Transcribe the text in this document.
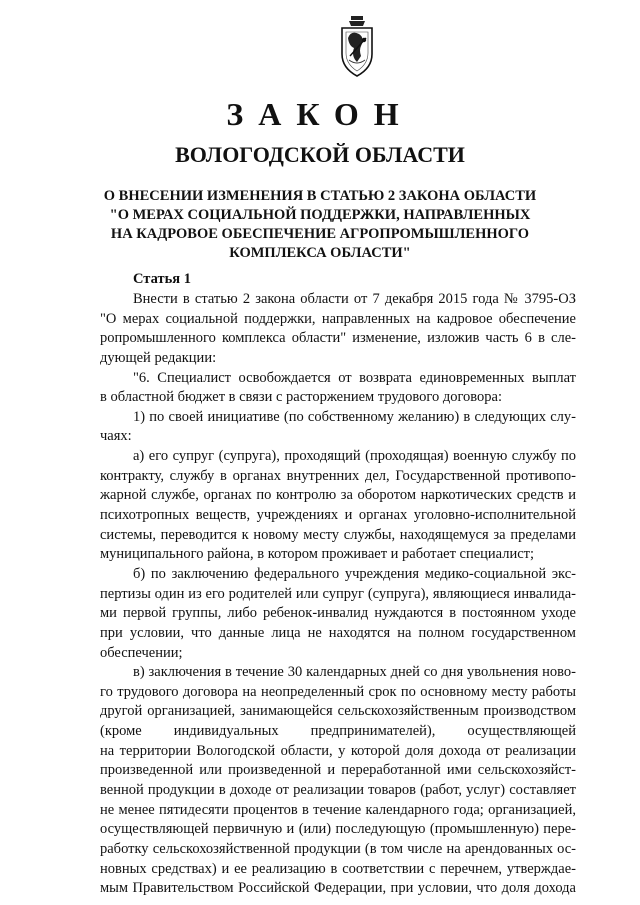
ЗАКОН
ВОЛОГОДСКОЙ ОБЛАСТИ
О ВНЕСЕНИИ ИЗМЕНЕНИЯ В СТАТЬЮ 2 ЗАКОНА ОБЛАСТИ
"О МЕРАХ СОЦИАЛЬНОЙ ПОДДЕРЖКИ, НАПРАВЛЕННЫХ
НА КАДРОВОЕ ОБЕСПЕЧЕНИЕ АГРОПРОМЫШЛЕННОГО
КОМПЛЕКСА ОБЛАСТИ"
Статья 1
Внести в статью 2 закона области от 7 декабря 2015 года № 3795-ОЗ
"О мерах социальной поддержки, направленных на кадровое обеспечение
ропромышленного комплекса области" изменение, изложив часть 6 в сле-
дующей редакции:
"6. Специалист освобождается от возврата единовременных выплат
в областной бюджет в связи с расторжением трудового договора:
1) по своей инициативе (по собственному желанию) в следующих слу-
чаях:
а) его супруг (супруга), проходящий (проходящая) военную службу по
контракту, службу в органах внутренних дел, Государственной противопо-
жарной службе, органах по контролю за оборотом наркотических средств и
психотропных веществ, учреждениях и органах уголовно-исполнительной
системы, переводится к новому месту службы, находящемуся за пределами
муниципального района, в котором проживает и работает специалист;
б) по заключению федерального учреждения медико-социальной экс-
пертизы один из его родителей или супруг (супруга), являющиеся инвалида-
ми первой группы, либо ребенок-инвалид нуждаются в постоянном уходе
при условии, что данные лица не находятся на полном государственном
обеспечении;
в) заключения в течение 30 календарных дней со дня увольнения ново-
го трудового договора на неопределенный срок по основному месту работы
другой организацией, занимающейся сельскохозяйственным производством
(кроме индивидуальных предпринимателей), осуществляющей
на территории Вологодской области, у которой доля дохода от реализации
произведенной или произведенной и переработанной ими сельскохозяйст-
венной продукции в доходе от реализации товаров (работ, услуг) составляет
не менее пятидесяти процентов в течение календарного года; организацией,
осуществляющей первичную и (или) последующую (промышленную) пере-
работку сельскохозяйственной продукции (в том числе на арендованных ос-
новных средствах) и ее реализацию в соответствии с перечнем, утверждае-
мым Правительством Российской Федерации, при условии, что доля дохода
